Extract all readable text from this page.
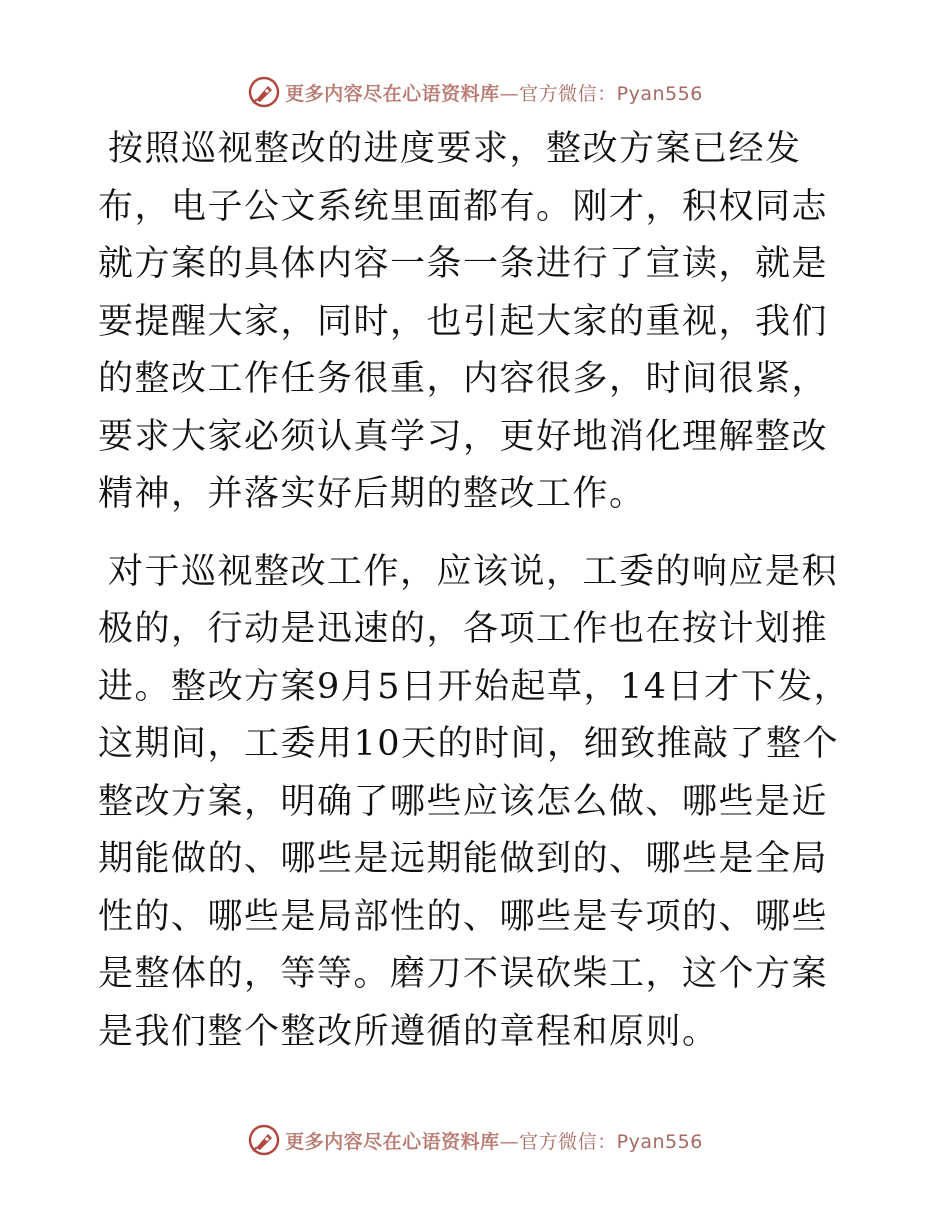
更多内容尽在心语资料库—官方微信：Pyan556

按照巡视整改的进度要求，整改方案已经发布，电子公文系统里面都有。刚才，积权同志就方案的具体内容一条一条进行了宣读，就是要提醒大家，同时，也引起大家的重视，我们的整改工作任务很重，内容很多，时间很紧，要求大家必须认真学习，更好地消化理解整改精神，并落实好后期的整改工作。

对于巡视整改工作，应该说，工委的响应是积极的，行动是迅速的，各项工作也在按计划推进。整改方案9月5日开始起草，14日才下发，这期间，工委用10天的时间，细致推敲了整个整改方案，明确了哪些应该怎么做、哪些是近期能做的、哪些是远期能做到的、哪些是全局性的、哪些是局部性的、哪些是专项的、哪些是整体的，等等。磨刀不误砍柴工，这个方案是我们整个整改所遵循的章程和原则。

更多内容尽在心语资料库—官方微信：Pyan556
